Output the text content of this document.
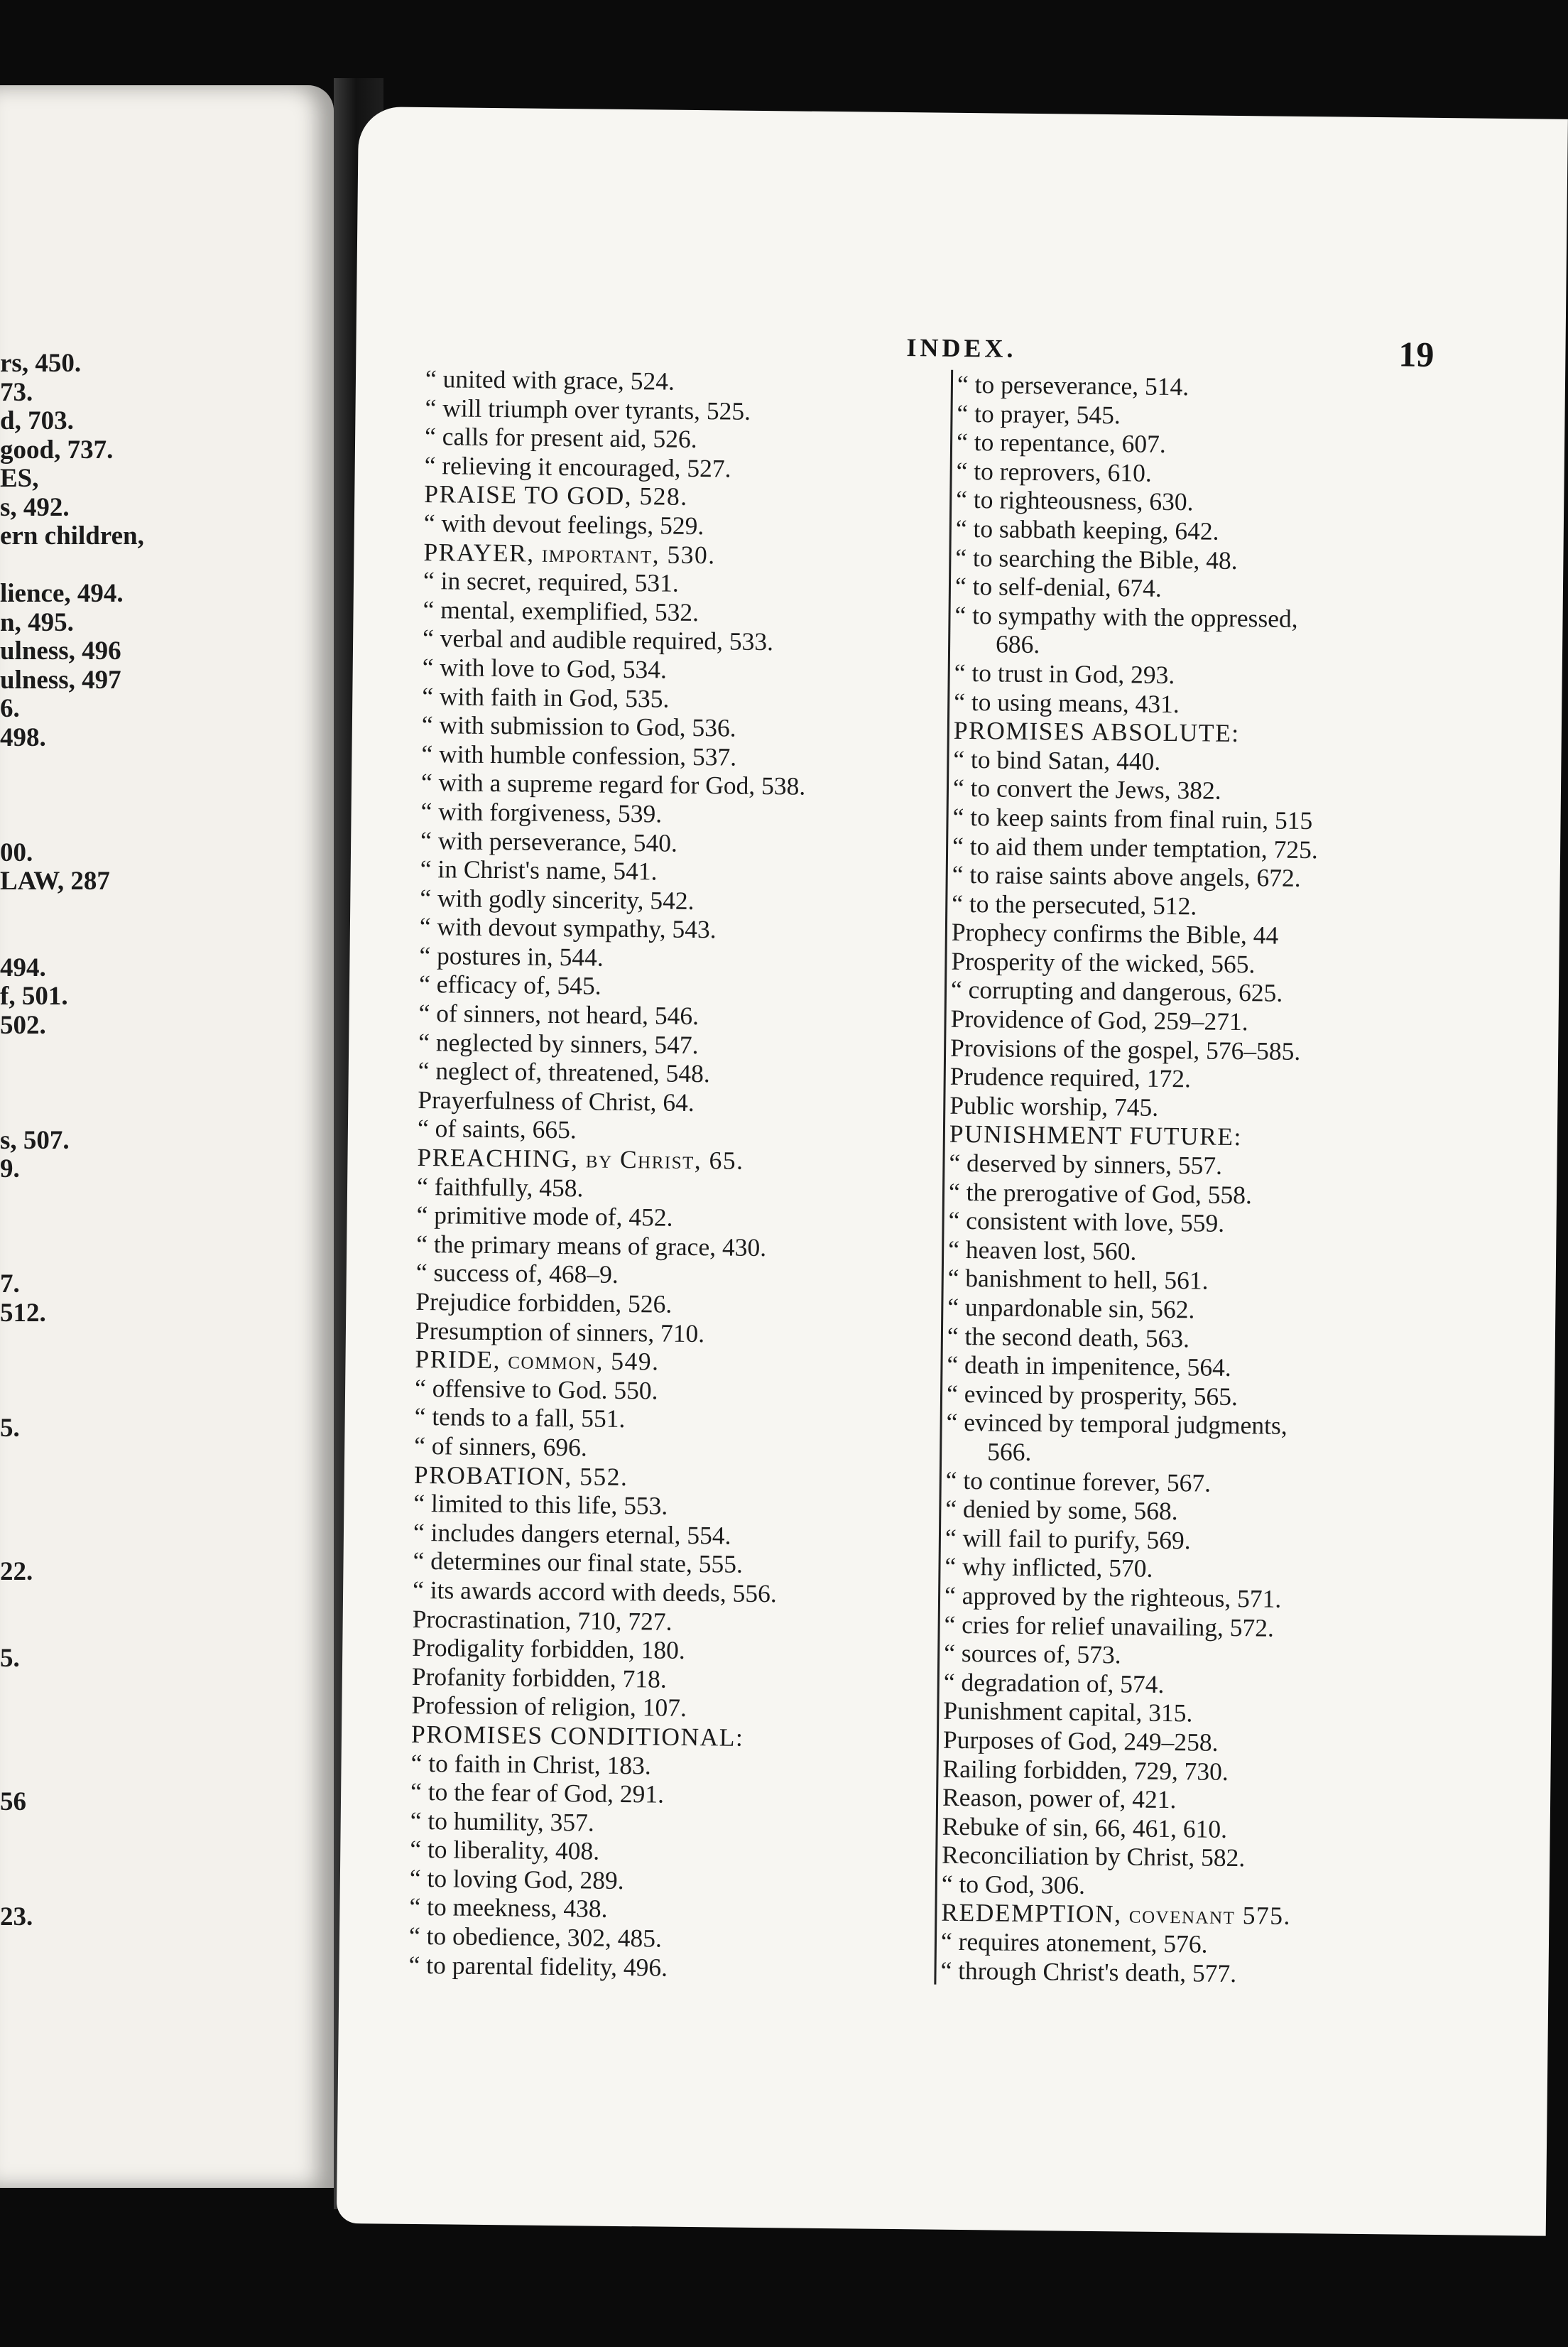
rs, 450.
73.
d, 703.
good, 737.
ES,
s, 492.
ern children,
lience, 494.
n, 495.
ulness, 496
ulness, 497
6.
498.
00.
LAW, 287
494.
f, 501.
502.
s, 507.
9.
7.
512.
5.
22.
5.
56
23.
INDEX.	19
“ united with grace, 524.
“ will triumph over tyrants, 525.
“ calls for present aid, 526.
“ relieving it encouraged, 527.
PRAISE TO GOD, 528.
“ with devout feelings, 529.
PRAYER, important, 530.
“ in secret, required, 531.
“ mental, exemplified, 532.
“ verbal and audible required, 533.
“ with love to God, 534.
“ with faith in God, 535.
“ with submission to God, 536.
“ with humble confession, 537.
“ with a supreme regard for God, 538.
“ with forgiveness, 539.
“ with perseverance, 540.
“ in Christ's name, 541.
“ with godly sincerity, 542.
“ with devout sympathy, 543.
“ postures in, 544.
“ efficacy of, 545.
“ of sinners, not heard, 546.
“ neglected by sinners, 547.
“ neglect of, threatened, 548.
Prayerfulness of Christ, 64.
“ of saints, 665.
PREACHING, by Christ, 65.
“ faithfully, 458.
“ primitive mode of, 452.
“ the primary means of grace, 430.
“ success of, 468–9.
Prejudice forbidden, 526.
Presumption of sinners, 710.
PRIDE, common, 549.
“ offensive to God. 550.
“ tends to a fall, 551.
“ of sinners, 696.
PROBATION, 552.
“ limited to this life, 553.
“ includes dangers eternal, 554.
“ determines our final state, 555.
“ its awards accord with deeds, 556.
Procrastination, 710, 727.
Prodigality forbidden, 180.
Profanity forbidden, 718.
Profession of religion, 107.
PROMISES CONDITIONAL:
“ to faith in Christ, 183.
“ to the fear of God, 291.
“ to humility, 357.
“ to liberality, 408.
“ to loving God, 289.
“ to meekness, 438.
“ to obedience, 302, 485.
“ to parental fidelity, 496.
“ to perseverance, 514.
“ to prayer, 545.
“ to repentance, 607.
“ to reprovers, 610.
“ to righteousness, 630.
“ to sabbath keeping, 642.
“ to searching the Bible, 48.
“ to self-denial, 674.
“ to sympathy with the oppressed,
686.
“ to trust in God, 293.
“ to using means, 431.
PROMISES ABSOLUTE:
“ to bind Satan, 440.
“ to convert the Jews, 382.
“ to keep saints from final ruin, 515
“ to aid them under temptation, 725.
“ to raise saints above angels, 672.
“ to the persecuted, 512.
Prophecy confirms the Bible, 44
Prosperity of the wicked, 565.
“ corrupting and dangerous, 625.
Providence of God, 259–271.
Provisions of the gospel, 576–585.
Prudence required, 172.
Public worship, 745.
PUNISHMENT FUTURE:
“ deserved by sinners, 557.
“ the prerogative of God, 558.
“ consistent with love, 559.
“ heaven lost, 560.
“ banishment to hell, 561.
“ unpardonable sin, 562.
“ the second death, 563.
“ death in impenitence, 564.
“ evinced by prosperity, 565.
“ evinced by temporal judgments,
566.
“ to continue forever, 567.
“ denied by some, 568.
“ will fail to purify, 569.
“ why inflicted, 570.
“ approved by the righteous, 571.
“ cries for relief unavailing, 572.
“ sources of, 573.
“ degradation of, 574.
Punishment capital, 315.
Purposes of God, 249–258.
Railing forbidden, 729, 730.
Reason, power of, 421.
Rebuke of sin, 66, 461, 610.
Reconciliation by Christ, 582.
“ to God, 306.
REDEMPTION, covenant 575.
“ requires atonement, 576.
“ through Christ's death, 577.
